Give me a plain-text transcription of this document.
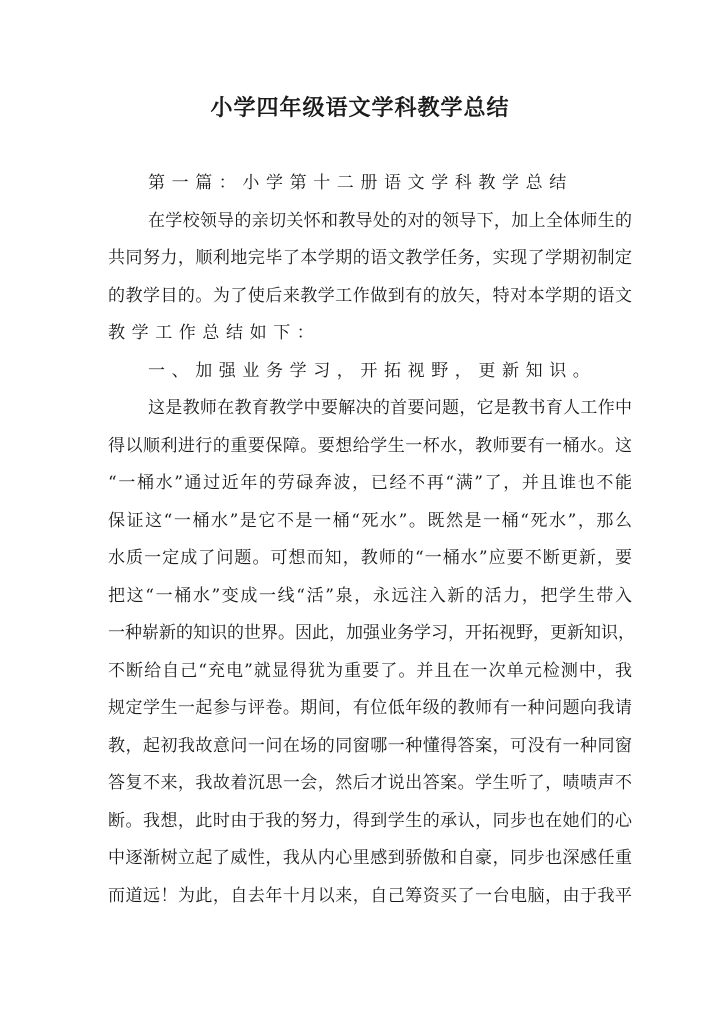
小学四年级语文学科教学总结
第一篇：小学第十二册语文学科教学总结
在学校领导的亲切关怀和教导处的对的领导下，加上全体师生的
共同努力，顺利地完毕了本学期的语文教学任务，实现了学期初制定
的教学目的。为了使后来教学工作做到有的放矢，特对本学期的语文
教学工作总结如下：
一、加强业务学习，开拓视野，更新知识。
这是教师在教育教学中要解决的首要问题，它是教书育人工作中
得以顺利进行的重要保障。要想给学生一杯水，教师要有一桶水。这
“一桶水”通过近年的劳碌奔波，已经不再“满”了，并且谁也不能
保证这“一桶水”是它不是一桶“死水”。既然是一桶“死水”，那么
水质一定成了问题。可想而知，教师的“一桶水”应要不断更新，要
把这“一桶水”变成一线“活”泉，永远注入新的活力，把学生带入
一种崭新的知识的世界。因此，加强业务学习，开拓视野，更新知识，
不断给自己“充电”就显得犹为重要了。并且在一次单元检测中，我
规定学生一起参与评卷。期间，有位低年级的教师有一种问题向我请
教，起初我故意问一问在场的同窗哪一种懂得答案，可没有一种同窗
答复不来，我故着沉思一会，然后才说出答案。学生听了，啧啧声不
断。我想，此时由于我的努力，得到学生的承认，同步也在她们的心
中逐渐树立起了威性，我从内心里感到骄傲和自豪，同步也深感任重
而道远！为此，自去年十月以来，自己筹资买了一台电脑，由于我平
